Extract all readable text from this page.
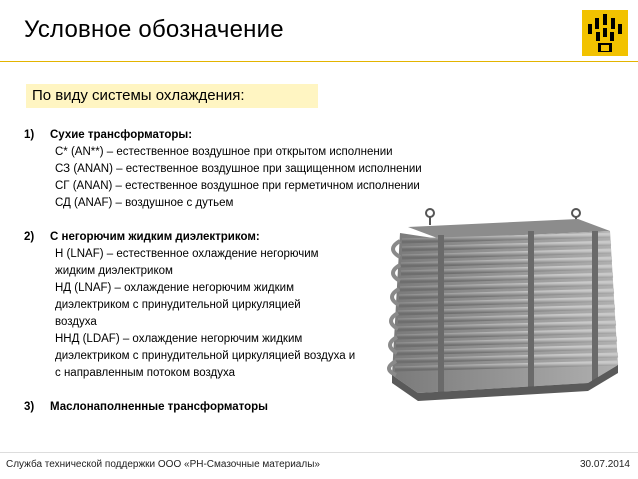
Условное обозначение
По виду системы охлаждения:
1)	Сухие трансформаторы:
С* (AN**) – естественное воздушное при открытом исполнении
СЗ (ANAN) – естественное воздушное при защищенном исполнении
СГ (ANAN) – естественное воздушное при герметичном исполнении
СД (ANAF) – воздушное с дутьем
2)	С негорючим жидким диэлектриком:
Н (LNAF) – естественное охлаждение негорючим
жидким диэлектриком
НД (LNAF) – охлаждение негорючим жидким
диэлектриком с принудительной циркуляцией
воздуха
ННД (LDAF) – охлаждение негорючим жидким
диэлектриком с принудительной циркуляцией воздуха и
с направленным потоком воздуха
3)	Маслонаполненные трансформаторы
Служба технической поддержки ООО «РН-Смазочные материалы»	30.07.2014
